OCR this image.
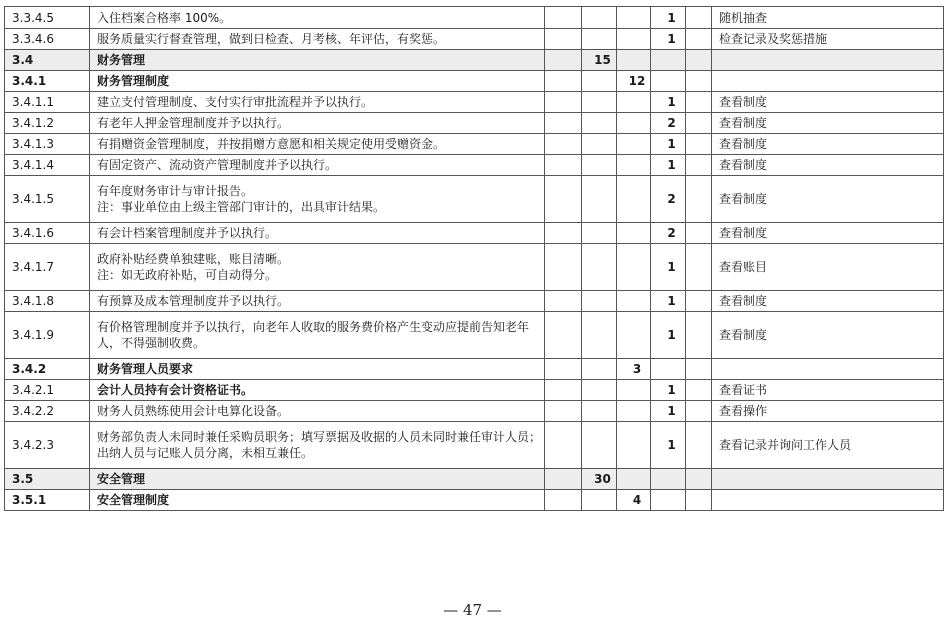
3.3.4.5	入住档案合格率 100%。				1		随机抽查
3.3.4.6	服务质量实行督查管理，做到日检查、月考核、年评估，有奖惩。				1		检查记录及奖惩措施
3.4	财务管理		15				
3.4.1	财务管理制度			12			
3.4.1.1	建立支付管理制度、支付实行审批流程并予以执行。				1		查看制度
3.4.1.2	有老年人押金管理制度并予以执行。				2		查看制度
3.4.1.3	有捐赠资金管理制度，并按捐赠方意愿和相关规定使用受赠资金。				1		查看制度
3.4.1.4	有固定资产、流动资产管理制度并予以执行。				1		查看制度
3.4.1.5	有年度财务审计与审计报告。
注：事业单位由上级主管部门审计的，出具审计结果。				2		查看制度
3.4.1.6	有会计档案管理制度并予以执行。				2		查看制度
3.4.1.7	政府补贴经费单独建账，账目清晰。
注：如无政府补贴，可自动得分。				1		查看账目
3.4.1.8	有预算及成本管理制度并予以执行。				1		查看制度
3.4.1.9	有价格管理制度并予以执行，向老年人收取的服务费价格产生变动应提前告知老年
人，不得强制收费。				1		查看制度
3.4.2	财务管理人员要求			3			
3.4.2.1	会计人员持有会计资格证书。				1		查看证书
3.4.2.2	财务人员熟练使用会计电算化设备。				1		查看操作
3.4.2.3	财务部负责人未同时兼任采购员职务；填写票据及收据的人员未同时兼任审计人员；
出纳人员与记账人员分离，未相互兼任。				1		查看记录并询问工作人员
3.5	安全管理		30				
3.5.1	安全管理制度			4			
— 47 —
